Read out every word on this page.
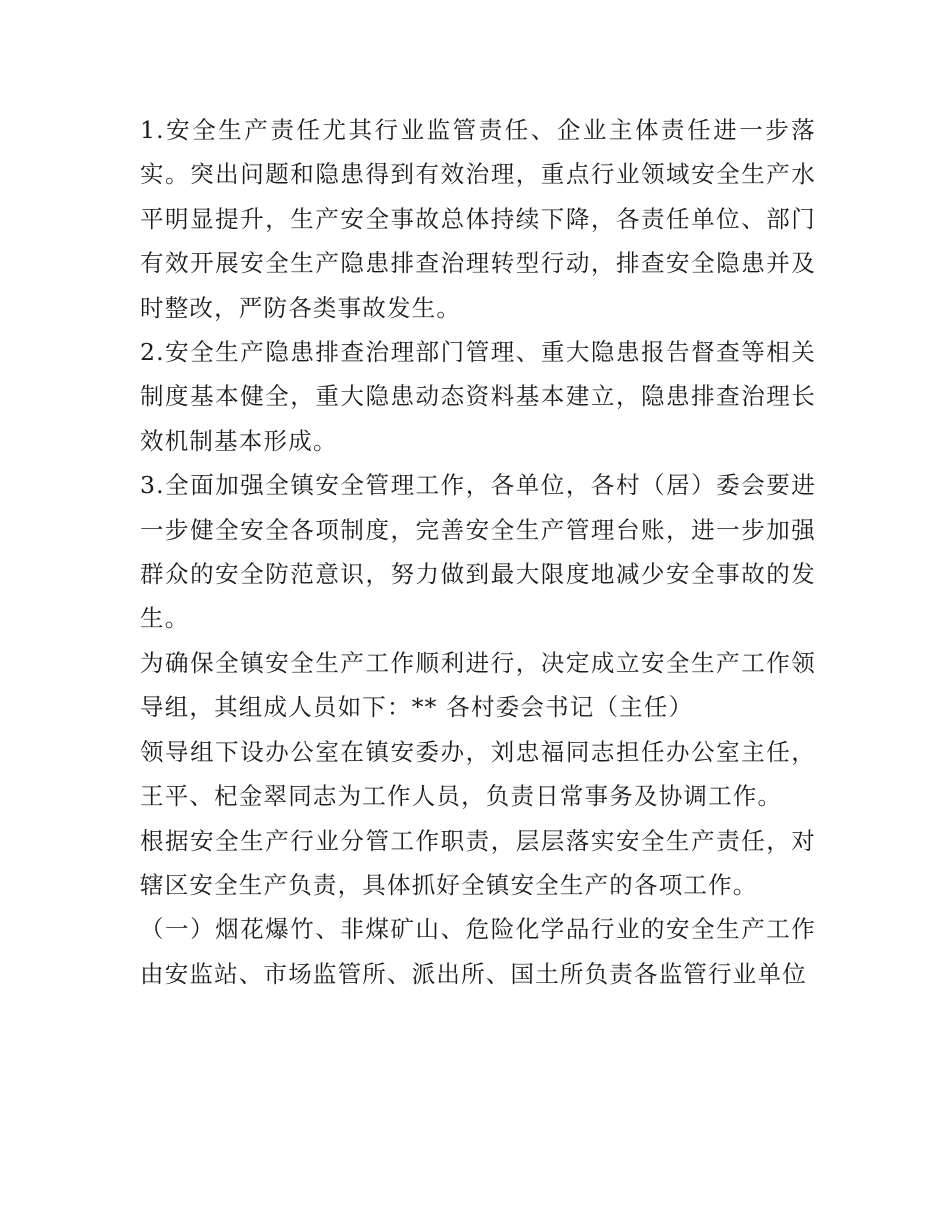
1.安全生产责任尤其行业监管责任、企业主体责任进一步落实。突出问题和隐患得到有效治理，重点行业领域安全生产水平明显提升，生产安全事故总体持续下降，各责任单位、部门有效开展安全生产隐患排查治理转型行动，排查安全隐患并及时整改，严防各类事故发生。

2.安全生产隐患排查治理部门管理、重大隐患报告督查等相关制度基本健全，重大隐患动态资料基本建立，隐患排查治理长效机制基本形成。

3.全面加强全镇安全管理工作，各单位，各村（居）委会要进一步健全安全各项制度，完善安全生产管理台账，进一步加强群众的安全防范意识，努力做到最大限度地减少安全事故的发生。

为确保全镇安全生产工作顺利进行，决定成立安全生产工作领导组，其组成人员如下：** 各村委会书记（主任）

领导组下设办公室在镇安委办，刘忠福同志担任办公室主任，王平、杞金翠同志为工作人员，负责日常事务及协调工作。

根据安全生产行业分管工作职责，层层落实安全生产责任，对辖区安全生产负责，具体抓好全镇安全生产的各项工作。

（一）烟花爆竹、非煤矿山、危险化学品行业的安全生产工作由安监站、市场监管所、派出所、国土所负责各监管行业单位
